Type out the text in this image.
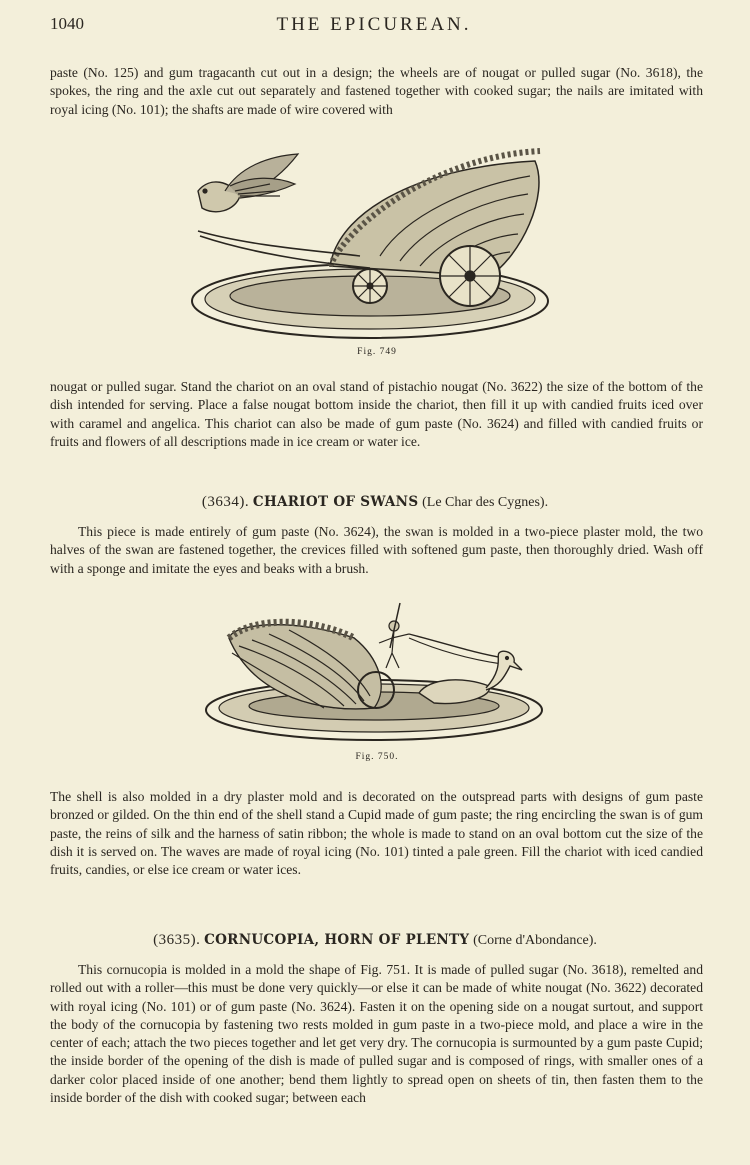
1040	THE EPICUREAN.

paste (No. 125) and gum tragacanth cut out in a design; the wheels are of nougat or pulled sugar (No. 3618), the spokes, the ring and the axle cut out separately and fastened together with cooked sugar; the nails are imitated with royal icing (No. 101); the shafts are made of wire covered with

Fig. 749

nougat or pulled sugar. Stand the chariot on an oval stand of pistachio nougat (No. 3622) the size of the bottom of the dish intended for serving. Place a false nougat bottom inside the chariot, then fill it up with candied fruits iced over with caramel and angelica. This chariot can also be made of gum paste (No. 3624) and filled with candied fruits or fruits and flowers of all descriptions made in ice cream or water ice.

(3634). CHARIOT OF SWANS (Le Char des Cygnes).

This piece is made entirely of gum paste (No. 3624), the swan is molded in a two-piece plaster mold, the two halves of the swan are fastened together, the crevices filled with softened gum paste, then thoroughly dried. Wash off with a sponge and imitate the eyes and beaks with a brush.

Fig. 750.

The shell is also molded in a dry plaster mold and is decorated on the outspread parts with designs of gum paste bronzed or gilded. On the thin end of the shell stand a Cupid made of gum paste; the ring encircling the swan is of gum paste, the reins of silk and the harness of satin ribbon; the whole is made to stand on an oval bottom cut the size of the dish it is served on. The waves are made of royal icing (No. 101) tinted a pale green. Fill the chariot with iced candied fruits, candies, or else ice cream or water ices.

(3635). CORNUCOPIA, HORN OF PLENTY (Corne d'Abondance).

This cornucopia is molded in a mold the shape of Fig. 751. It is made of pulled sugar (No. 3618), remelted and rolled out with a roller—this must be done very quickly—or else it can be made of white nougat (No. 3622) decorated with royal icing (No. 101) or of gum paste (No. 3624). Fasten it on the opening side on a nougat surtout, and support the body of the cornucopia by fastening two rests molded in gum paste in a two-piece mold, and place a wire in the center of each; attach the two pieces together and let get very dry. The cornucopia is surmounted by a gum paste Cupid; the inside border of the opening of the dish is made of pulled sugar and is composed of rings, with smaller ones of a darker color placed inside of one another; bend them lightly to spread open on sheets of tin, then fasten them to the inside border of the dish with cooked sugar; between each
